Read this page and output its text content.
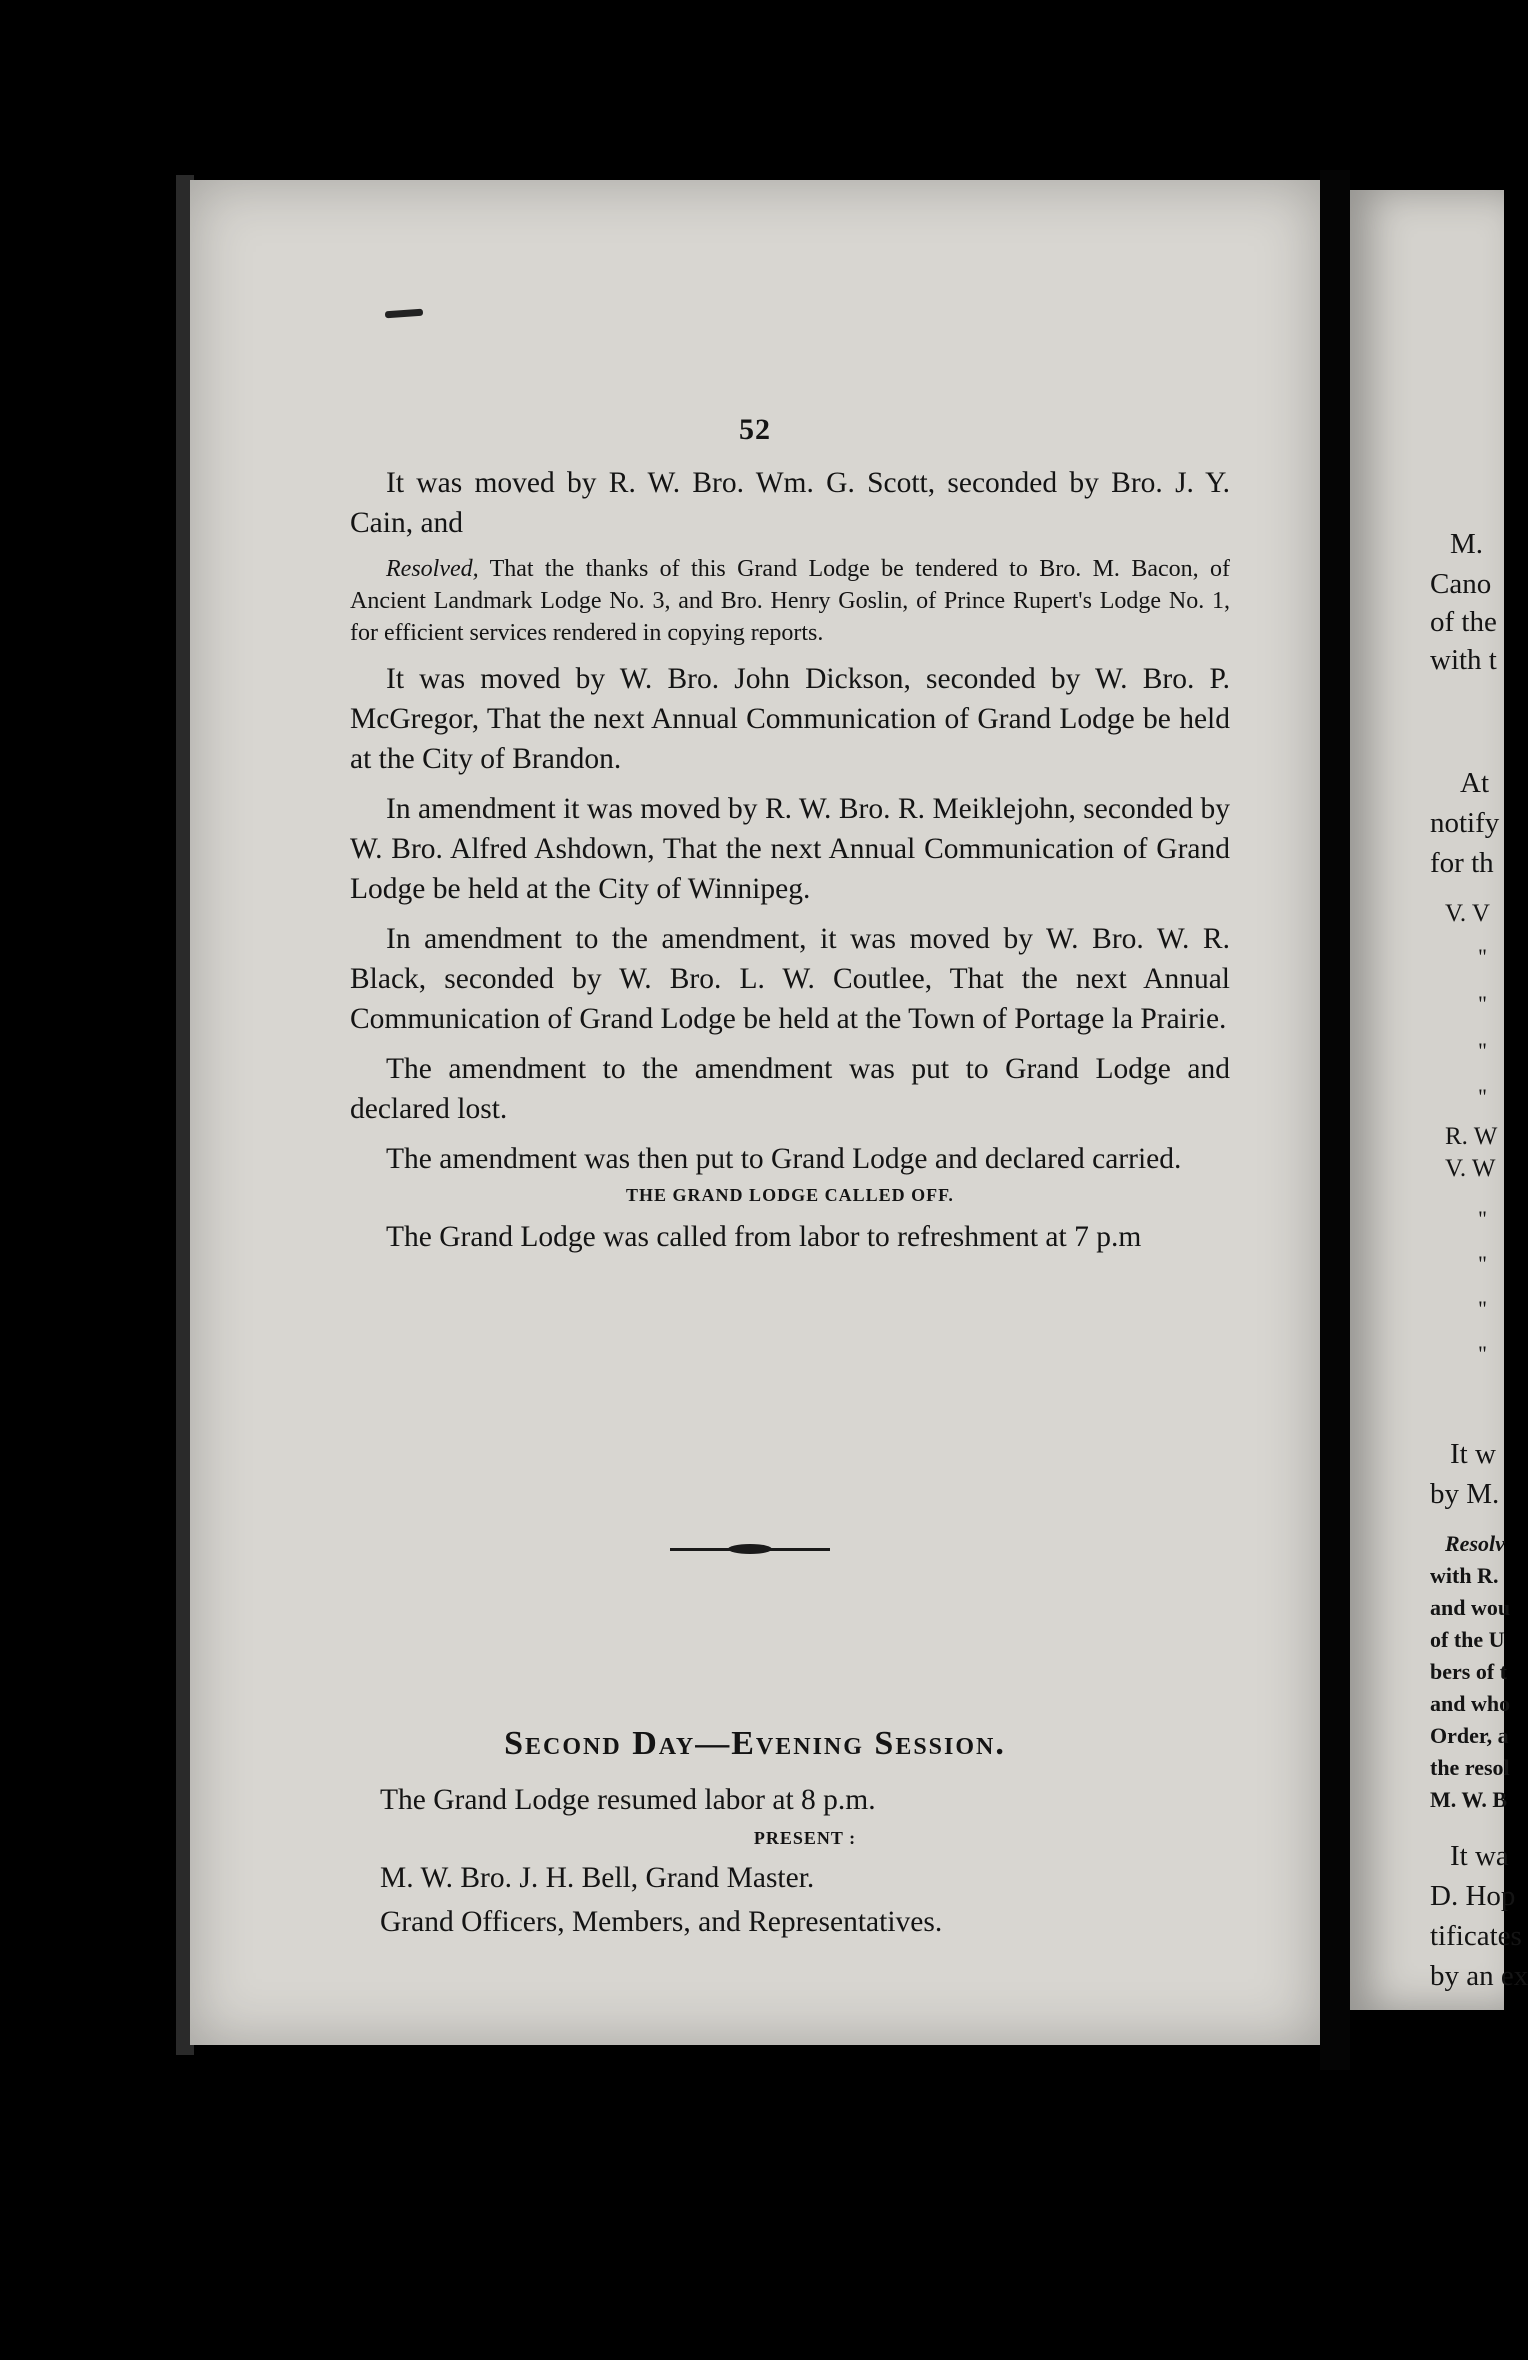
52

It was moved by R. W. Bro. Wm. G. Scott, seconded by Bro. J. Y. Cain, and

Resolved, That the thanks of this Grand Lodge be tendered to Bro. M. Bacon, of Ancient Landmark Lodge No. 3, and Bro. Henry Goslin, of Prince Rupert's Lodge No. 1, for efficient services rendered in copying reports.

It was moved by W. Bro. John Dickson, seconded by W. Bro. P. McGregor, That the next Annual Communication of Grand Lodge be held at the City of Brandon.

In amendment it was moved by R. W. Bro. R. Meiklejohn, seconded by W. Bro. Alfred Ashdown, That the next Annual Communication of Grand Lodge be held at the City of Winnipeg.

In amendment to the amendment, it was moved by W. Bro. W. R. Black, seconded by W. Bro. L. W. Coutlee, That the next Annual Communication of Grand Lodge be held at the Town of Portage la Prairie.

The amendment to the amendment was put to Grand Lodge and declared lost.

The amendment was then put to Grand Lodge and declared carried.

THE GRAND LODGE CALLED OFF.

The Grand Lodge was called from labor to refreshment at 7 p.m

Second Day—Evening Session.

The Grand Lodge resumed labor at 8 p.m.

PRESENT :

M. W. Bro. J. H. Bell, Grand Master.

Grand Officers, Members, and Representatives.

M.
Cano
of the
with t
At
notify
for th
V. V
"
"
"
"
R. W
V. W
"
"
"
"
It w
by M.
Resolv
with R.
and wou
of the U
bers of t
and who
Order, a
the resol
M. W. B
It wa
D. Hop
tificates
by an ex
